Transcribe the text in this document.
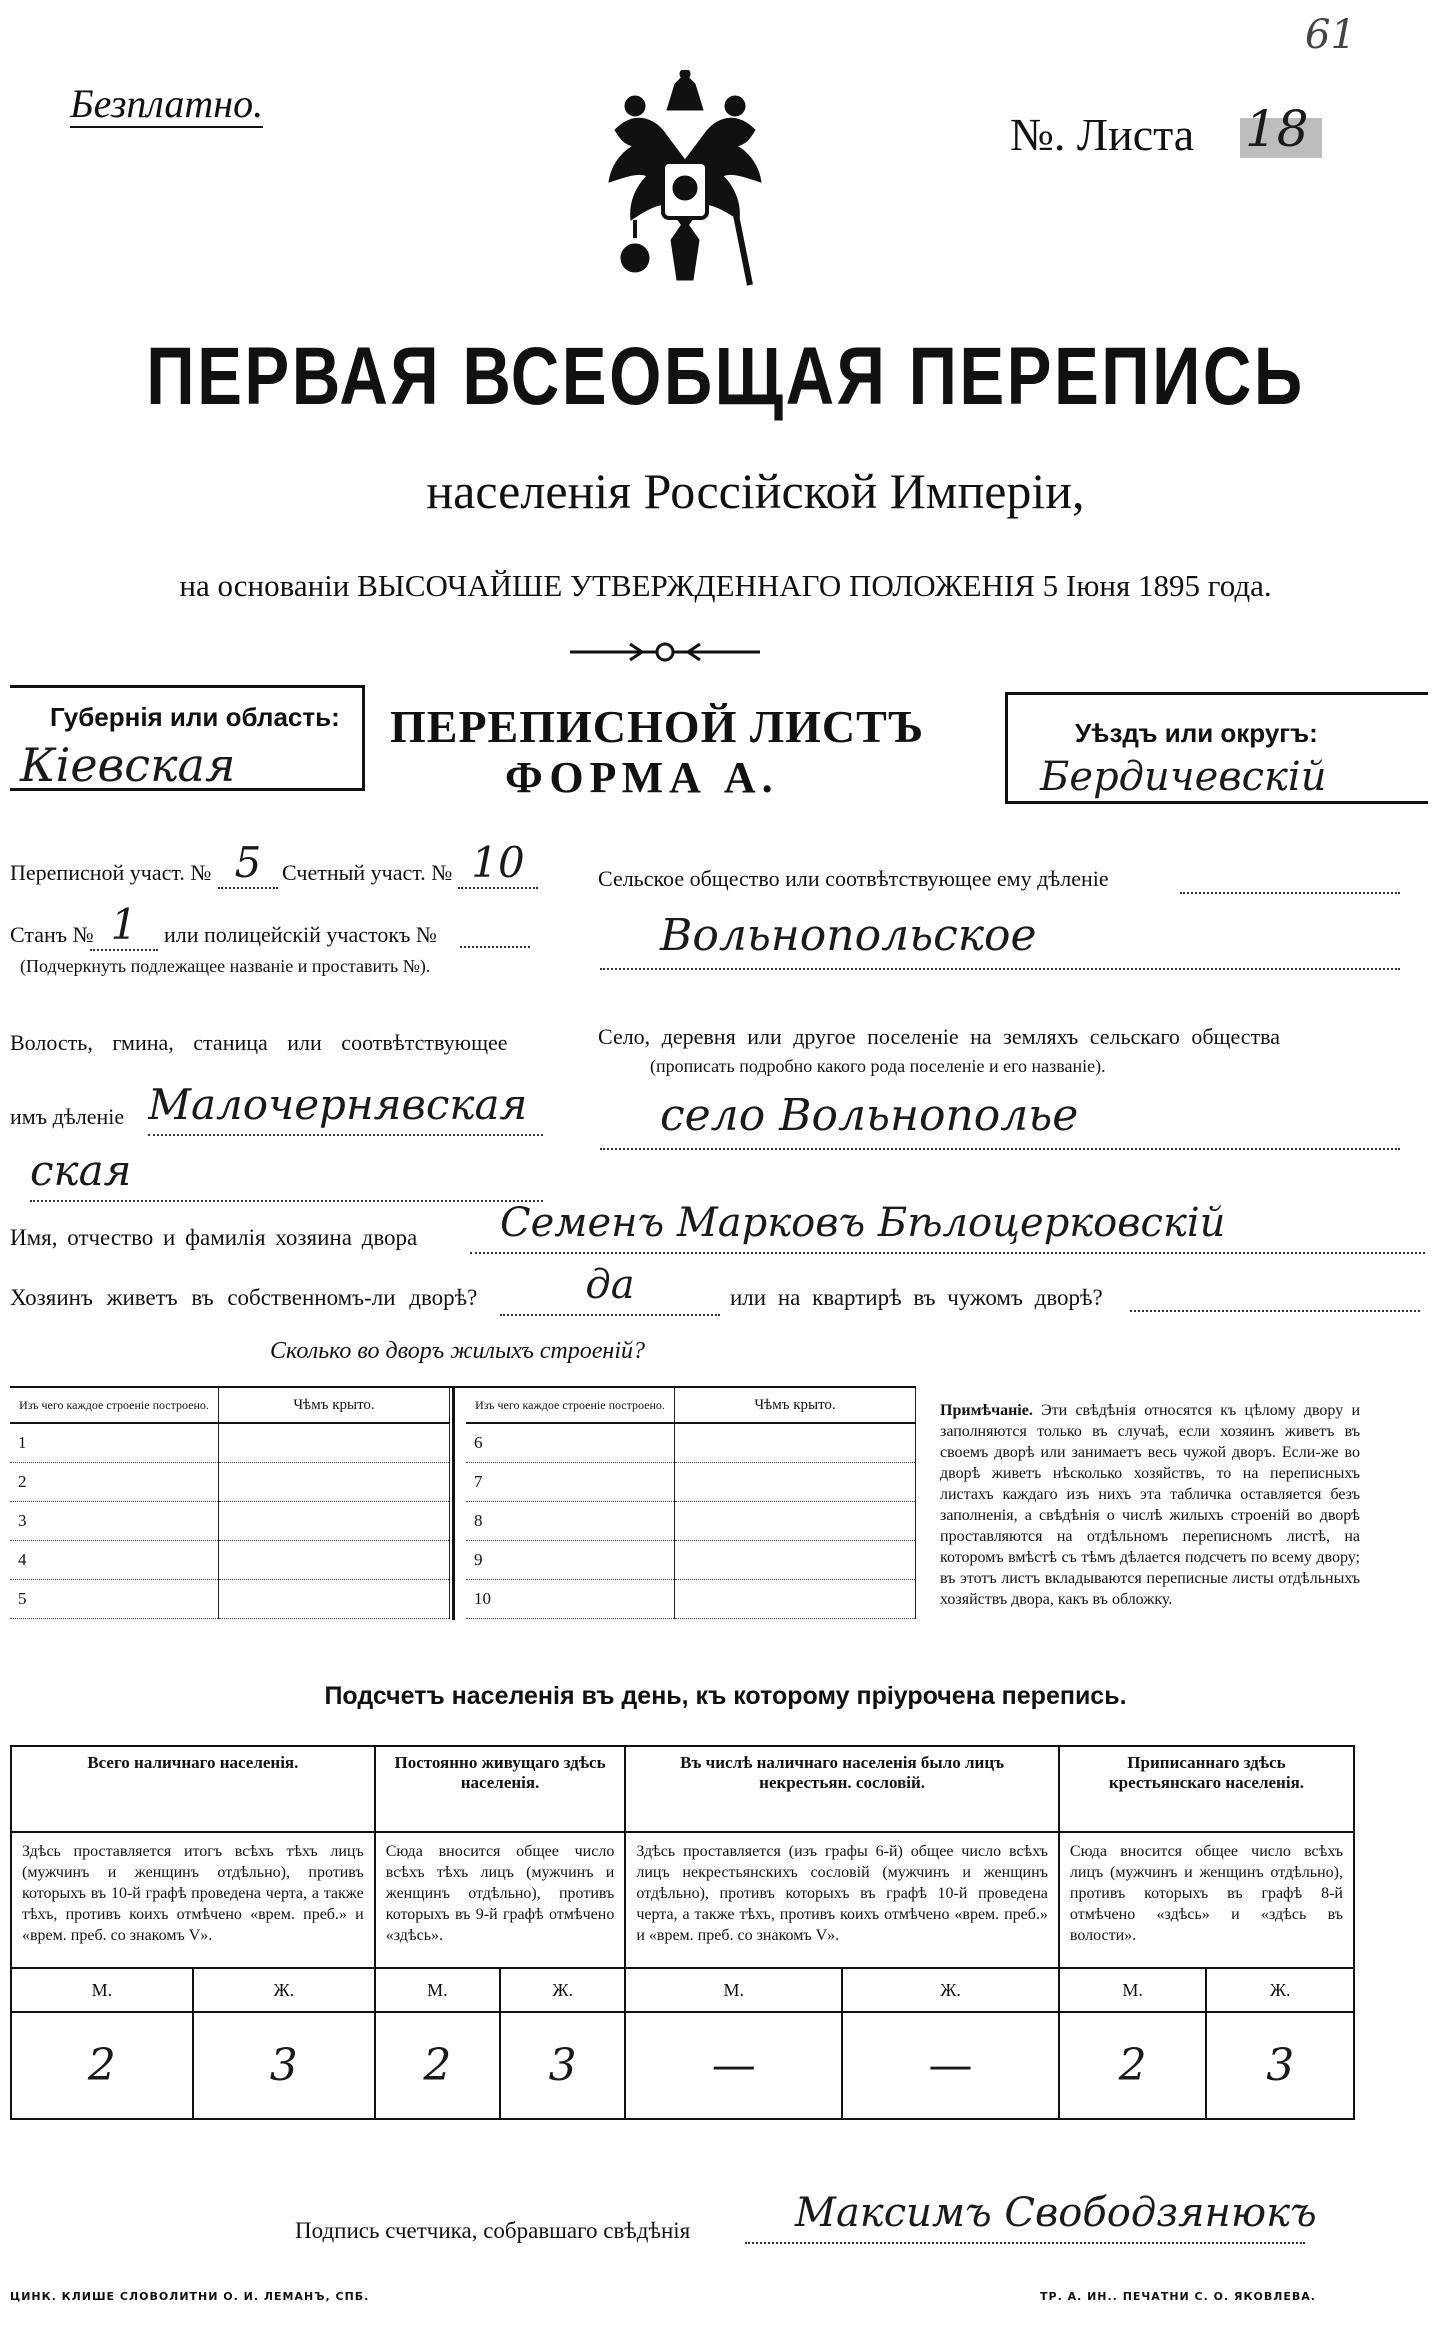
61
Безплатно.
№. Листа 18
ПЕРВАЯ ВСЕОБЩАЯ ПЕРЕПИСЬ
населенія Россійской Имперіи,
на основаніи ВЫСОЧАЙШЕ УТВЕРЖДЕННАГО ПОЛОЖЕНІЯ 5 Іюня 1895 года.
Губернія или область:
Кіевская
ПЕРЕПИСНОЙ ЛИСТЪ
ФОРМА А.
Уѣздъ или округъ:
Бердичевскій
Переписной участ. № 5 Счетный участ. № 10
Станъ № 1	или полицейскій участокъ №
(Подчеркнуть подлежащее названіе и проставить №).
Волость, гмина, станица или соотвѣтствующее
имъ дѣленіе Малочернявская
ская
Сельское общество или соотвѣтствующее ему дѣленіе
Вольнопольское
Село, деревня или другое поселеніе на земляхъ сельскаго общества
(прописать подробно какого рода поселеніе и его названіе).
село Вольнополье
Имя, отчество и фамилія хозяина двора	Семенъ Марковъ Бѣлоцерковскій
Хозяинъ живетъ въ собственномъ-ли дворѣ?	да	или на квартирѣ въ чужомъ дворѣ?
Сколько во дворъ жилыхъ строеній?
Изъ чего каждое строеніе построено.	Чѣмъ крыто.
1	
2	
3	
4	
5	
Изъ чего каждое строеніе построено.	Чѣмъ крыто.
6	
7	
8	
9	
10	
Примѣчаніе. Эти свѣдѣнія относятся къ цѣлому двору и заполняются только въ случаѣ, если хозяинъ живетъ въ своемъ дворѣ или занимаетъ весь чужой дворъ. Если-же во дворѣ живетъ нѣсколько хозяйствъ, то на переписныхъ листахъ каждаго изъ нихъ эта табличка оставляется безъ заполненія, а свѣдѣнія о числѣ жилыхъ строеній во дворѣ проставляются на отдѣльномъ переписномъ листѣ, на которомъ вмѣстѣ съ тѣмъ дѣлается подсчетъ по всему двору; въ этотъ листъ вкладываются переписные листы отдѣльныхъ хозяйствъ двора, какъ въ обложку.
Подсчетъ населенія въ день, къ которому пріурочена перепись.
Всего наличнаго населенія.		Постоянно живущаго здѣсь населенія.		Въ числѣ наличнаго населенія было лицъ некрестьян. сословій.		Приписаннаго здѣсь крестьянскаго населенія.	
Здѣсь проставляется итогъ всѣхъ тѣхъ лицъ (мужчинъ и женщинъ отдѣльно), противъ которыхъ въ 10-й графѣ проведена черта, а также тѣхъ, противъ коихъ отмѣчено «врем. преб.» и «врем. преб. со знакомъ V».		Сюда вносится общее число всѣхъ тѣхъ лицъ (мужчинъ и женщинъ отдѣльно), противъ которыхъ въ 9-й графѣ отмѣчено «здѣсь».		Здѣсь проставляется (изъ графы 6-й) общее число всѣхъ лицъ некрестьянскихъ сословій (мужчинъ и женщинъ отдѣльно), противъ которыхъ въ графѣ 10-й проведена черта, а также тѣхъ, противъ коихъ отмѣчено «врем. преб.» и «врем. преб. со знакомъ V».		Сюда вносится общее число всѣхъ лицъ (мужчинъ и женщинъ отдѣльно), противъ которыхъ въ графѣ 8-й отмѣчено «здѣсь» и «здѣсь въ волости».	
М.	Ж.	М.	Ж.	М.	Ж.	М.	Ж.
2	3	2	3	—	—	2	3
Подпись счетчика, собравшаго свѣдѣнія	Максимъ Свободзянюкъ
ЦИНК. КЛИШЕ СЛОВОЛИТНИ О. И. ЛЕМАНЪ, СПБ.	ТР. А. ИН.. ПЕЧАТНИ С. О. ЯКОВЛЕВА.
